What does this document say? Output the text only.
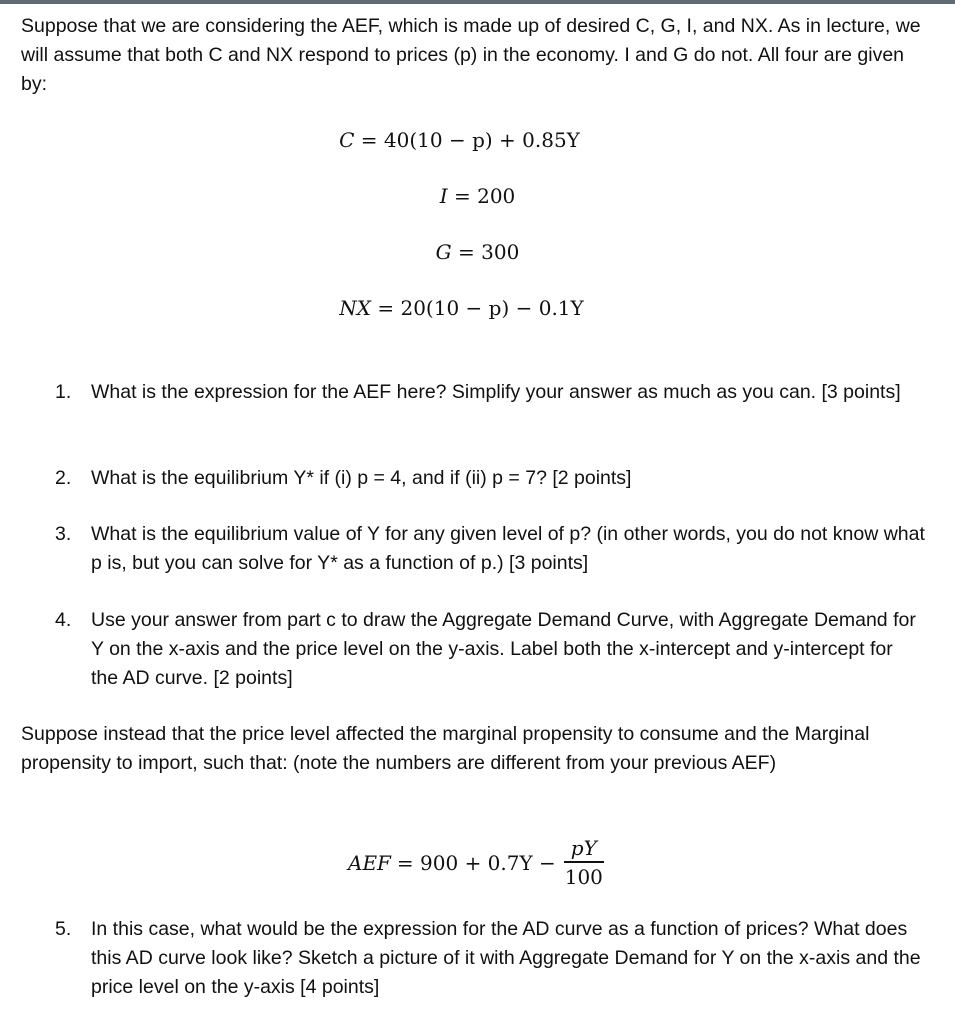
Suppose that we are considering the AEF, which is made up of desired C, G, I, and NX. As in lecture, we will assume that both C and NX respond to prices (p) in the economy. I and G do not. All four are given by:

C = 40(10 − p) + 0.85Y
I = 200
G = 300
NX = 20(10 − p) − 0.1Y
1.	What is the expression for the AEF here? Simplify your answer as much as you can. [3 points]
2.	What is the equilibrium Y* if (i) p = 4, and if (ii) p = 7? [2 points]
3.	What is the equilibrium value of Y for any given level of p? (in other words, you do not know what p is, but you can solve for Y* as a function of p.) [3 points]
4.	Use your answer from part c to draw the Aggregate Demand Curve, with Aggregate Demand for Y on the x-axis and the price level on the y-axis. Label both the x-intercept and y-intercept for the AD curve. [2 points]

Suppose instead that the price level affected the marginal propensity to consume and the Marginal propensity to import, such that: (note the numbers are different from your previous AEF)

AEF = $900 + 0.7Y - \frac{pY}{100}$
5.	In this case, what would be the expression for the AD curve as a function of prices? What does this AD curve look like? Sketch a picture of it with Aggregate Demand for Y on the x-axis and the price level on the y-axis [4 points]
